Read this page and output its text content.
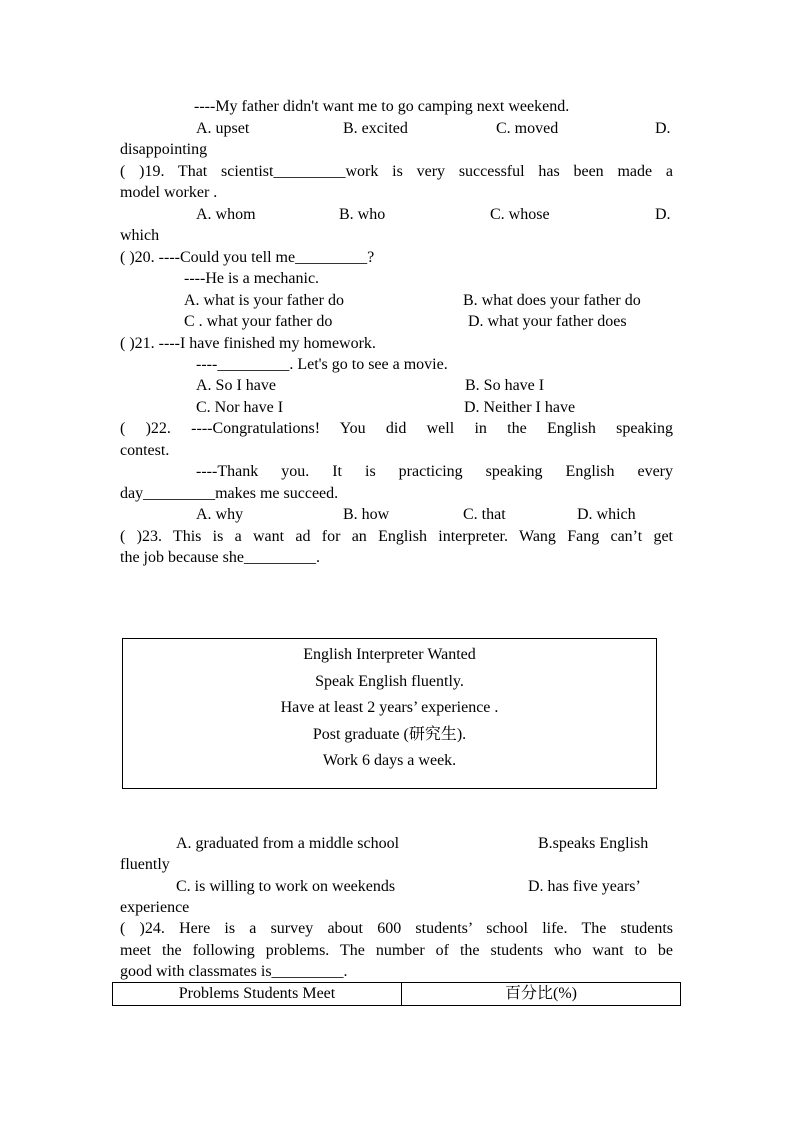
----My father didn't want me to go camping next weekend.
A. upset	B. excited	C. moved	D.
disappointing
( )19. That scientist_________work is very successful has been made a
model worker .
A. whom	B. who	C. whose	D.
which
( )20. ----Could you tell me_________?
----He is a mechanic.
A. what is your father do	B. what does your father do
C . what your father do	D. what your father does
( )21. ----I have finished my homework.
----_________. Let's go to see a movie.
A. So I have	B. So have I
C. Nor have I	D. Neither I have
( )22. ----Congratulations! You did well in the English speaking
contest.
----Thank you. It is practicing speaking English every
day_________makes me succeed.
A. why	B. how	C. that	D. which
( )23. This is a want ad for an English interpreter. Wang Fang can’t get
the job because she_________.
English Interpreter Wanted
Speak English fluently.
Have at least 2 years’ experience .
Post graduate (研究生).
Work 6 days a week.
A. graduated from a middle school	B.speaks English
fluently
C. is willing to work on weekends	D. has five years’
experience
( )24. Here is a survey about 600 students’ school life. The students
meet the following problems. The number of the students who want to be
good with classmates is_________.
Problems Students Meet	百分比(%)
